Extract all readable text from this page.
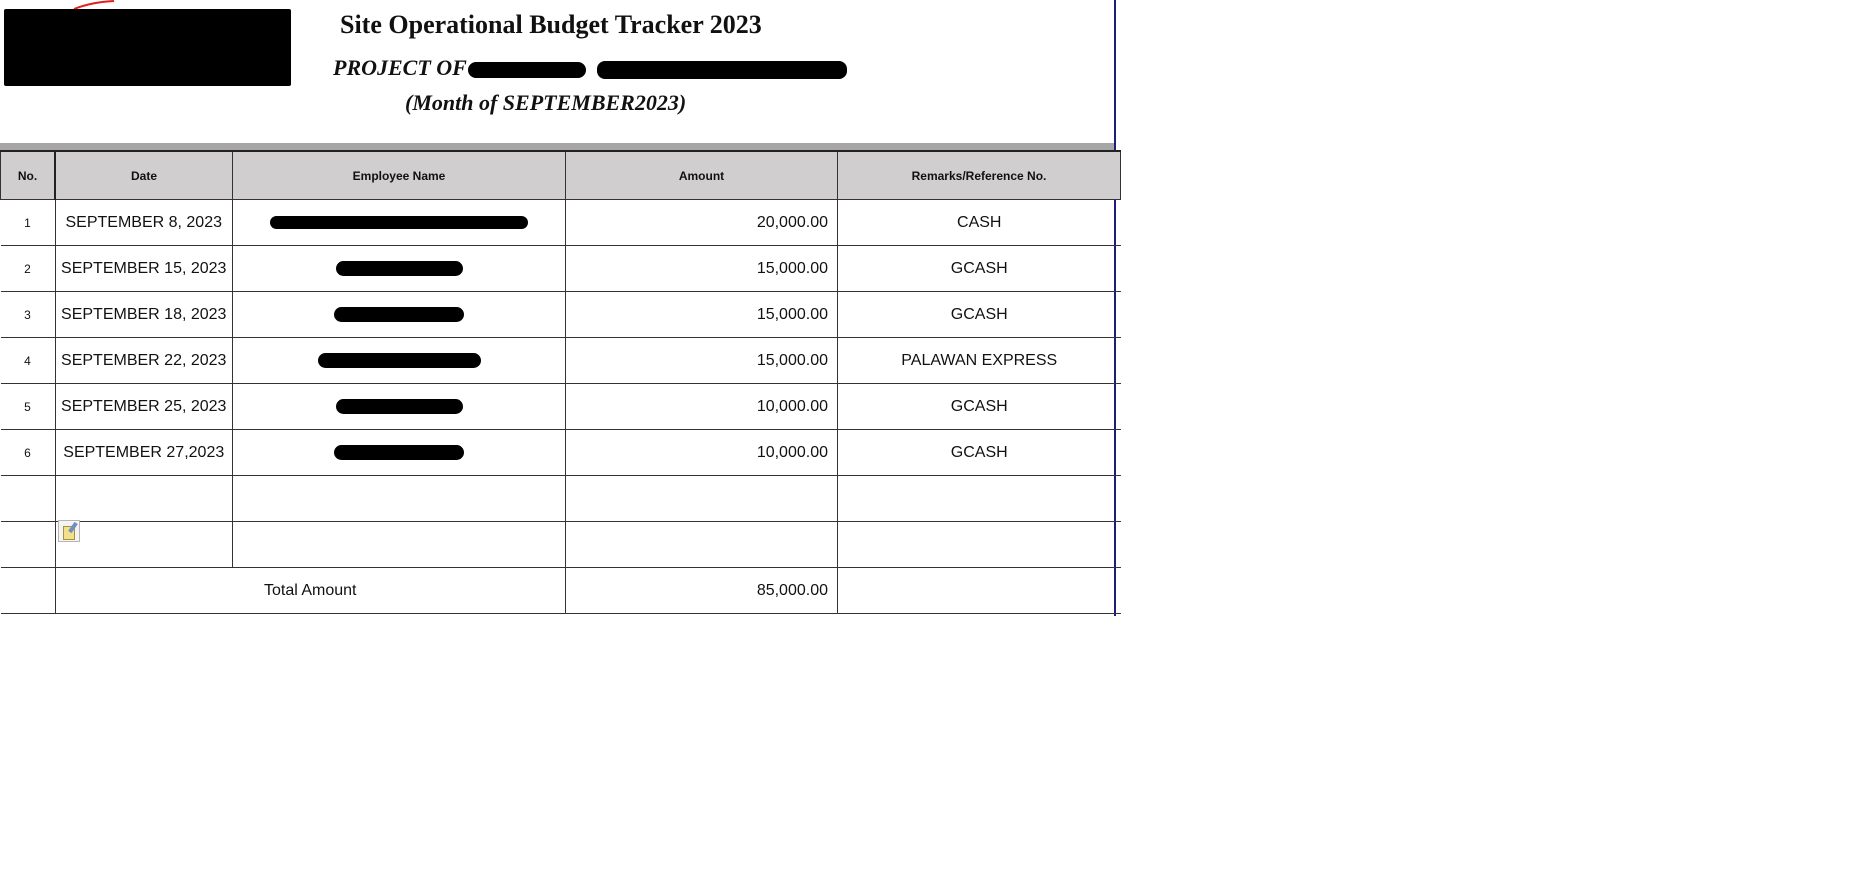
Site Operational Budget Tracker 2023
PROJECT OF
(Month of SEPTEMBER2023)
No.	Date	Employee Name	Amount	Remarks/Reference No.
1	SEPTEMBER 8, 2023		20,000.00	CASH
2	SEPTEMBER 15, 2023		15,000.00	GCASH
3	SEPTEMBER 18, 2023		15,000.00	GCASH
4	SEPTEMBER 22, 2023		15,000.00	PALAWAN EXPRESS
5	SEPTEMBER 25, 2023		10,000.00	GCASH
6	SEPTEMBER 27,2023		10,000.00	GCASH

	Total Amount		85,000.00	
